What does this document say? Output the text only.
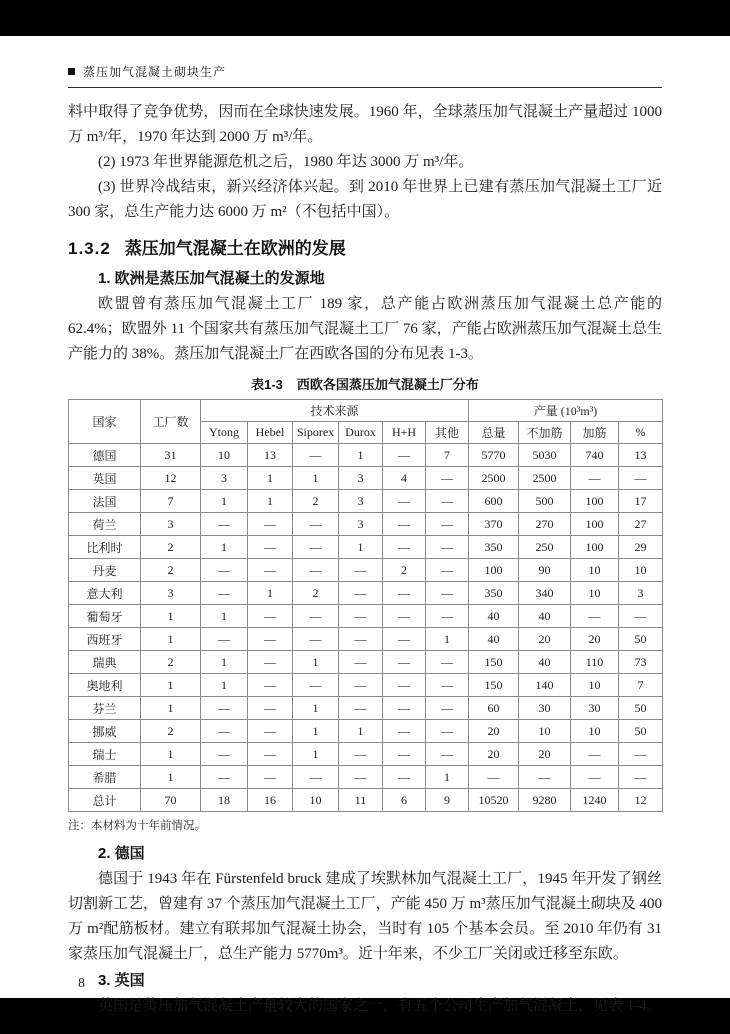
蒸压加气混凝土砌块生产

料中取得了竞争优势，因而在全球快速发展。1960 年，全球蒸压加气混凝土产量超过 1000 万 m³/年，1970 年达到 2000 万 m³/年。

(2) 1973 年世界能源危机之后，1980 年达 3000 万 m³/年。

(3) 世界冷战结束，新兴经济体兴起。到 2010 年世界上已建有蒸压加气混凝土工厂近 300 家，总生产能力达 6000 万 m²（不包括中国）。

1.3.2 蒸压加气混凝土在欧洲的发展
1. 欧洲是蒸压加气混凝土的发源地

欧盟曾有蒸压加气混凝土工厂 189 家，总产能占欧洲蒸压加气混凝土总产能的 62.4%；欧盟外 11 个国家共有蒸压加气混凝土工厂 76 家，产能占欧洲蒸压加气混凝土总生产能力的 38%。蒸压加气混凝土厂在西欧各国的分布见表 1-3。

表1-3 西欧各国蒸压加气混凝土厂分布
国家	工厂数	技术来源						产量 (10³m³)			
		Ytong	Hebel	Siporex	Durox	H+H	其他	总量	不加筋	加筋	%
德国	31	10	13	—	1	—	7	5770	5030	740	13
英国	12	3	1	1	3	4	—	2500	2500	—	—
法国	7	1	1	2	3	—	—	600	500	100	17
荷兰	3	—	—	—	3	—	—	370	270	100	27
比利时	2	1	—	—	1	—	—	350	250	100	29
丹麦	2	—	—	—	—	2	—	100	90	10	10
意大利	3	—	1	2	—	—	—	350	340	10	3
葡萄牙	1	1	—	—	—	—	—	40	40	—	—
西班牙	1	—	—	—	—	—	1	40	20	20	50
瑞典	2	1	—	1	—	—	—	150	40	110	73
奥地利	1	1	—	—	—	—	—	150	140	10	7
芬兰	1	—	—	1	—	—	—	60	30	30	50
挪威	2	—	—	1	1	—	—	20	10	10	50
瑞士	1	—	—	1	—	—	—	20	20	—	—
希腊	1	—	—	—	—	—	1	—	—	—	—
总计	70	18	16	10	11	6	9	10520	9280	1240	12
注：本材料为十年前情况。
2. 德国

德国于 1943 年在 Fürstenfeld bruck 建成了埃默林加气混凝土工厂，1945 年开发了钢丝切割新工艺，曾建有 37 个蒸压加气混凝土工厂，产能 450 万 m³蒸压加气混凝土砌块及 400 万 m²配筋板材。建立有联邦加气混凝土协会，当时有 105 个基本会员。至 2010 年仍有 31 家蒸压加气混凝土厂，总生产能力 5770m³。近十年来，不少工厂关闭或迁移至东欧。

3. 英国

英国是蒸压加气混凝土产量较大的国家之一，有五个公司生产加气混凝土，见表 1-4。

8
